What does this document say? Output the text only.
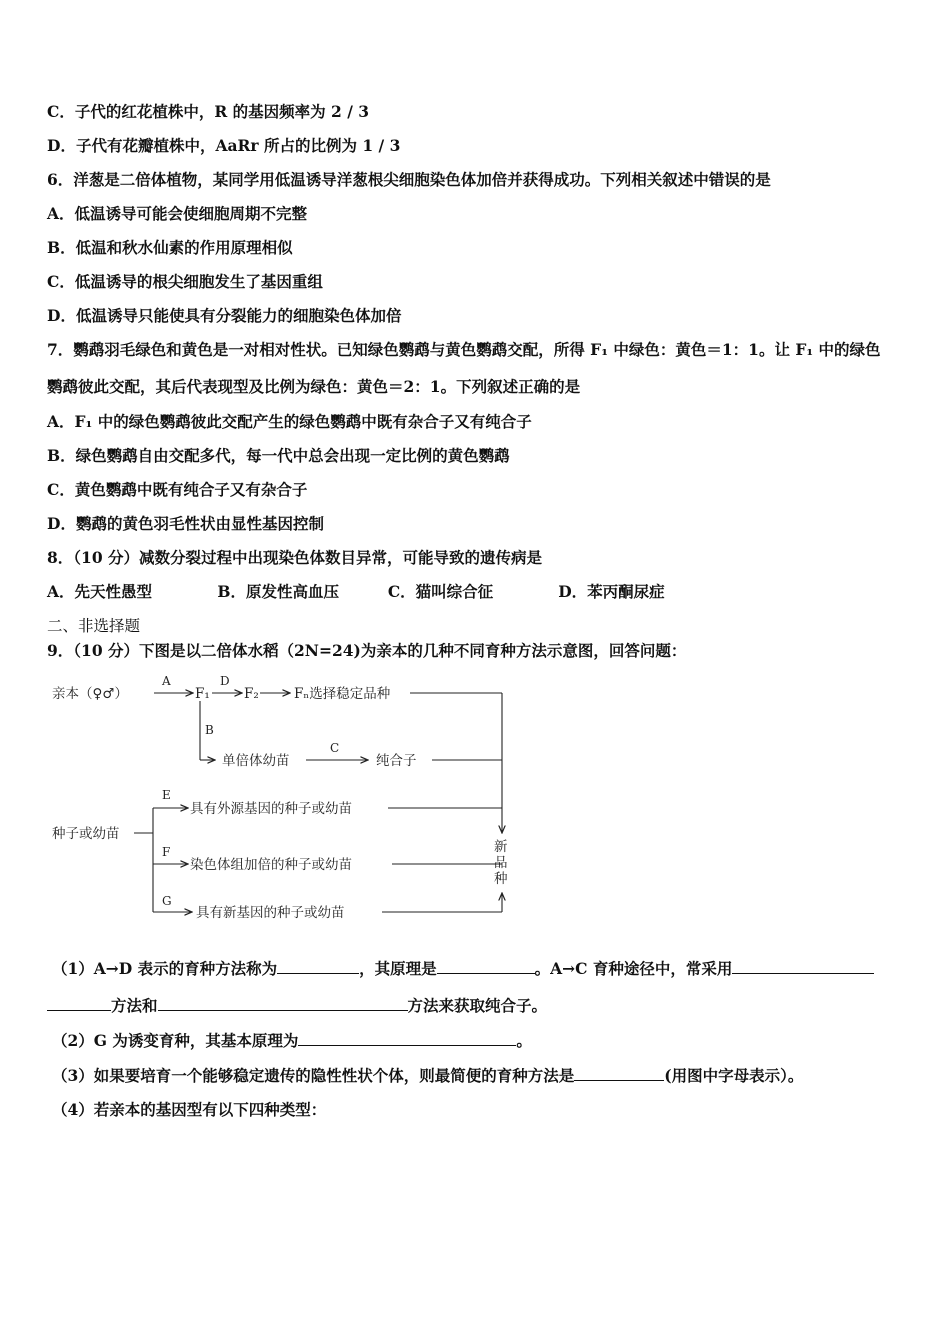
C．子代的红花植株中，R 的基因频率为 2 / 3
D．子代有花瓣植株中，AaRr 所占的比例为 1 / 3
6．洋葱是二倍体植物，某同学用低温诱导洋葱根尖细胞染色体加倍并获得成功。下列相关叙述中错误的是
A．低温诱导可能会使细胞周期不完整
B．低温和秋水仙素的作用原理相似
C．低温诱导的根尖细胞发生了基因重组
D．低温诱导只能使具有分裂能力的细胞染色体加倍
7．鹦鹉羽毛绿色和黄色是一对相对性状。已知绿色鹦鹉与黄色鹦鹉交配，所得 F₁ 中绿色：黄色＝1：1。让 F₁ 中的绿色
鹦鹉彼此交配，其后代表现型及比例为绿色：黄色＝2：1。下列叙述正确的是
A．F₁ 中的绿色鹦鹉彼此交配产生的绿色鹦鹉中既有杂合子又有纯合子
B．绿色鹦鹉自由交配多代，每一代中总会出现一定比例的黄色鹦鹉
C．黄色鹦鹉中既有纯合子又有杂合子
D．鹦鹉的黄色羽毛性状由显性基因控制
8．（10 分）减数分裂过程中出现染色体数目异常，可能导致的遗传病是
A．先天性愚型	B．原发性高血压	C．猫叫综合征	D．苯丙酮尿症
二、非选择题
9．（10 分）下图是以二倍体水稻（2N=24)为亲本的几种不同育种方法示意图，回答问题：
亲本（♀♂）
A
F₁
D
F₂	Fₙ选择稳定品种
B
单倍体幼苗
C
纯合子
种子或幼苗
E
具有外源基因的种子或幼苗
F
染色体组加倍的种子或幼苗
G
具有新基因的种子或幼苗
新
品
种
（1）A→D 表示的育种方法称为	，其原理是	。A→C 育种途径中，常采用
方法和	方法来获取纯合子。
（2）G 为诱变育种，其基本原理为	。
（3）如果要培育一个能够稳定遗传的隐性性状个体，则最简便的育种方法是	(用图中字母表示）。
（4）若亲本的基因型有以下四种类型：
